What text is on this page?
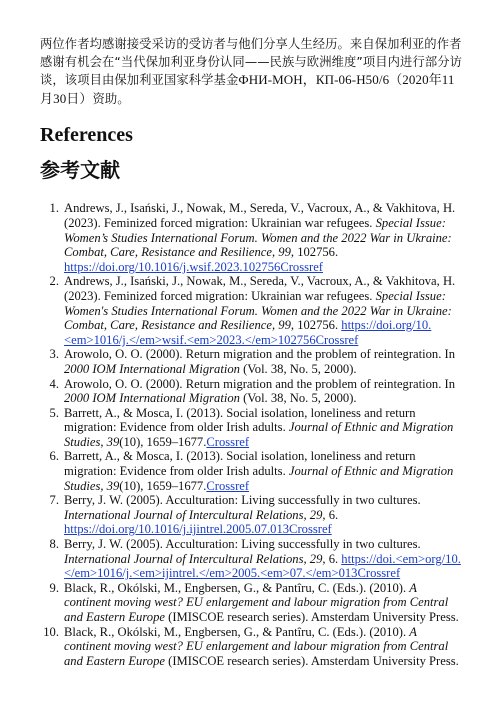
两位作者均感谢接受采访的受访者与他们分享人生经历。来自保加利亚的作者感谢有机会在“当代保加利亚身份认同——民族与欧洲维度”项目内进行部分访谈，该项目由保加利亚国家科学基金ФНИ-МОН，КП-06-Н50/6（2020年11月30日）资助。

References
参考文献
1. Andrews, J., Isański, J., Nowak, M., Sereda, V., Vacroux, A., & Vakhitova, H. (2023). Feminized forced migration: Ukrainian war refugees. Special Issue: Women’s Studies International Forum. Women and the 2022 War in Ukraine: Combat, Care, Resistance and Resilience, 99, 102756. https://doi.org/10.1016/j.wsif.2023.102756Crossref
2. Andrews, J., Isański, J., Nowak, M., Sereda, V., Vacroux, A., & Vakhitova, H. (2023). Feminized forced migration: Ukrainian war refugees. Special Issue: Women's Studies International Forum. Women and the 2022 War in Ukraine: Combat, Care, Resistance and Resilience, 99, 102756. https://doi.org/10.<em>1016/j.</em>wsif.<em>2023.</em>102756Crossref
3. Arowolo, O. O. (2000). Return migration and the problem of reintegration. In 2000 IOM International Migration (Vol. 38, No. 5, 2000).
4. Arowolo, O. O. (2000). Return migration and the problem of reintegration. In 2000 IOM International Migration (Vol. 38, No. 5, 2000).
5. Barrett, A., & Mosca, I. (2013). Social isolation, loneliness and return migration: Evidence from older Irish adults. Journal of Ethnic and Migration Studies, 39(10), 1659–1677.Crossref
6. Barrett, A., & Mosca, I. (2013). Social isolation, loneliness and return migration: Evidence from older Irish adults. Journal of Ethnic and Migration Studies, 39(10), 1659–1677.Crossref
7. Berry, J. W. (2005). Acculturation: Living successfully in two cultures. International Journal of Intercultural Relations, 29, 6. https://doi.org/10.1016/j.ijintrel.2005.07.013Crossref
8. Berry, J. W. (2005). Acculturation: Living successfully in two cultures. International Journal of Intercultural Relations, 29, 6. https://doi.<em>org/10.</em>1016/j.<em>ijintrel.</em>2005.<em>07.</em>013Crossref
9. Black, R., Okólski, M., Engbersen, G., & Pantîru, C. (Eds.). (2010). A continent moving west? EU enlargement and labour migration from Central and Eastern Europe (IMISCOE research series). Amsterdam University Press.
10. Black, R., Okólski, M., Engbersen, G., & Pantîru, C. (Eds.). (2010). A continent moving west? EU enlargement and labour migration from Central and Eastern Europe (IMISCOE research series). Amsterdam University Press.
